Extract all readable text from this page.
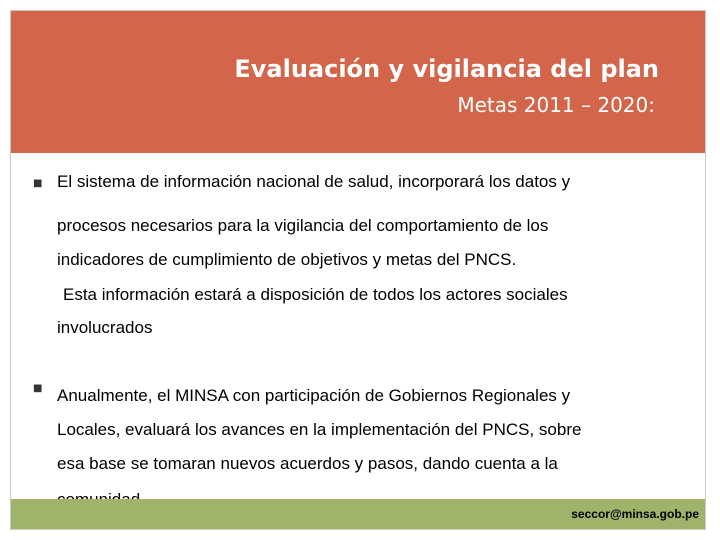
Evaluación y vigilancia del plan
Metas 2011 – 2020:
■ El sistema de información nacional de salud, incorporará los datos y

procesos necesarios para la vigilancia del comportamiento de los

indicadores de cumplimiento de objetivos y metas del PNCS.

Esta información estará a disposición de todos los actores sociales

involucrados

■ Anualmente, el MINSA con participación de Gobiernos Regionales y

Locales, evaluará los avances en la implementación del PNCS, sobre

esa base se tomaran nuevos acuerdos y pasos, dando cuenta a la

seccor@minsa.gob.pe
